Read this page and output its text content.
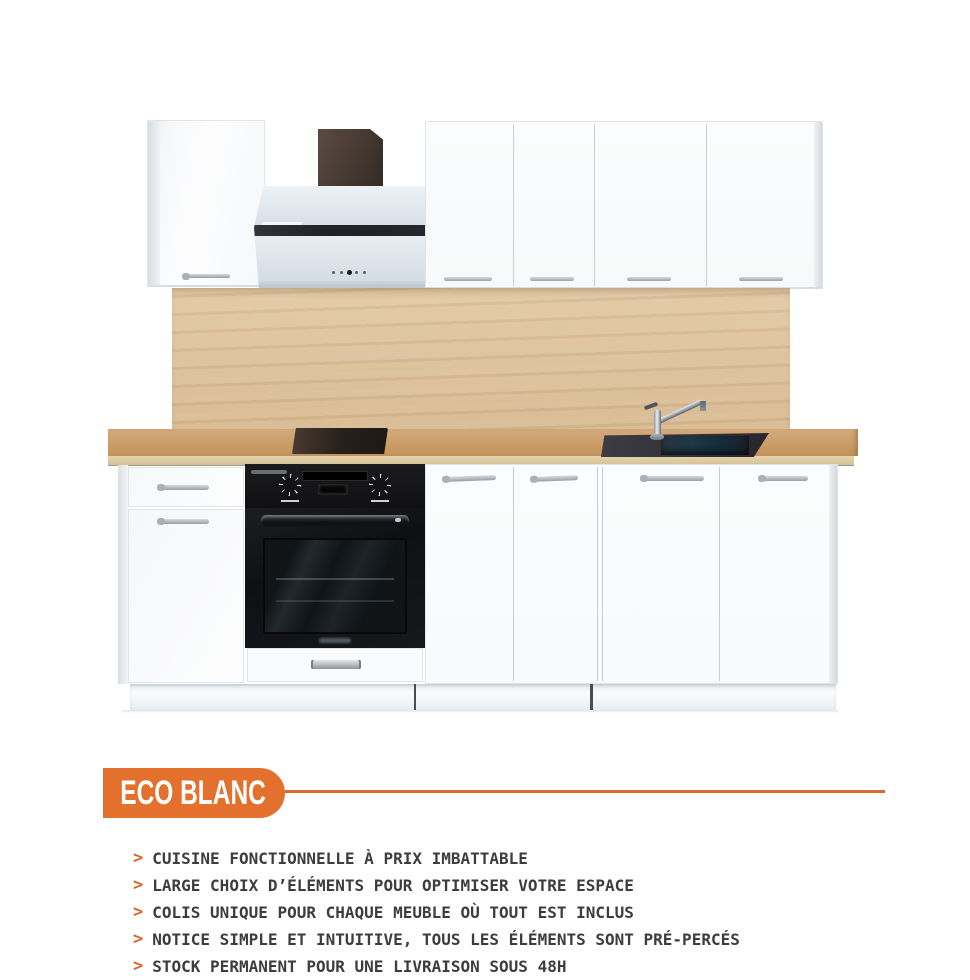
ECO BLANC
> CUISINE FONCTIONNELLE À PRIX IMBATTABLE
> LARGE CHOIX D’ÉLÉMENTS POUR OPTIMISER VOTRE ESPACE
> COLIS UNIQUE POUR CHAQUE MEUBLE OÙ TOUT EST INCLUS
> NOTICE SIMPLE ET INTUITIVE, TOUS LES ÉLÉMENTS SONT PRÉ-PERCÉS
> STOCK PERMANENT POUR UNE LIVRAISON SOUS 48H
